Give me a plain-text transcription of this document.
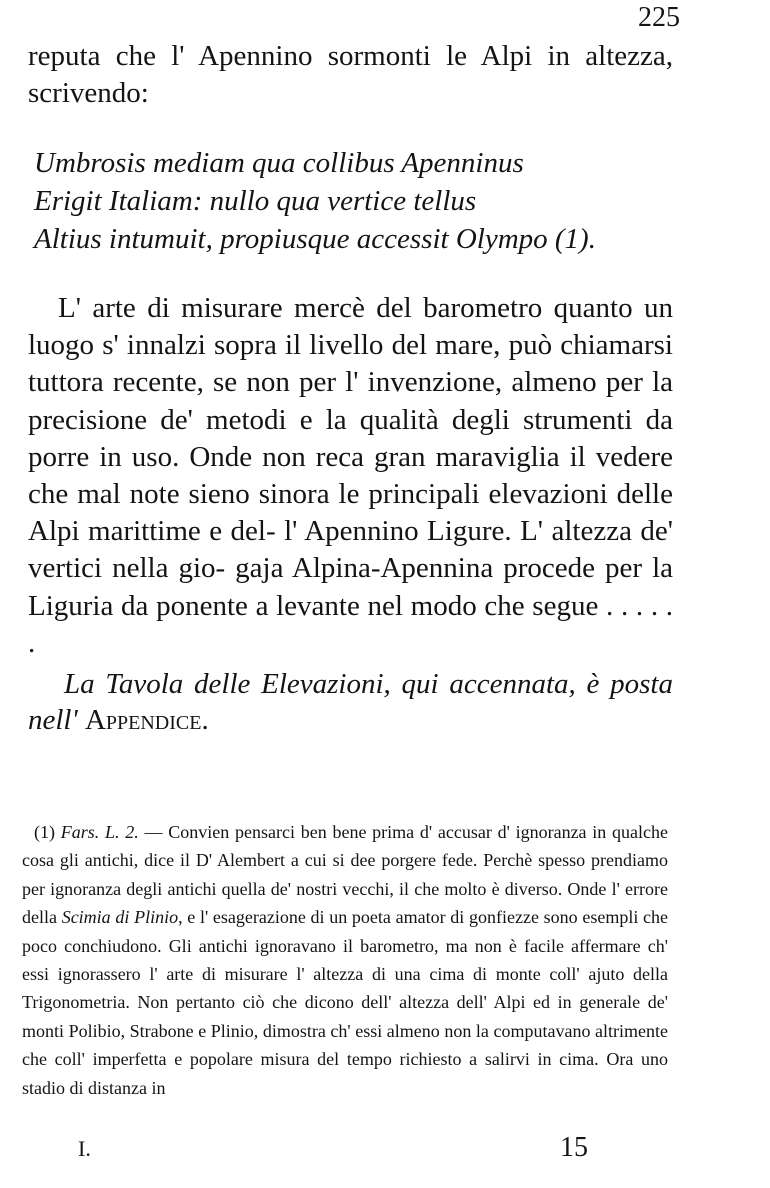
225
reputa che l' Apennino sormonti le Alpi in altezza, scrivendo:
Umbrosis mediam qua collibus Apenninus
Erigit Italiam: nullo qua vertice tellus
Altius intumuit, propiusque accessit Olympo (1).
L' arte di misurare mercè del barometro quanto un luogo s' innalzi sopra il livello del mare, può chiamarsi tuttora recente, se non per l' invenzione, almeno per la precisione de' metodi e la qualità degli strumenti da porre in uso. Onde non reca gran maraviglia il vedere che mal note sieno sinora le principali elevazioni delle Alpi marittime e del- l' Apennino Ligure. L' altezza de' vertici nella gio- gaja Alpina-Apennina procede per la Liguria da ponente a levante nel modo che segue . . . . . .
La Tavola delle Elevazioni, qui accennata, è posta nell' Appendice.
(1) Fars. L. 2. — Convien pensarci ben bene prima d' accusar d' ignoranza in qualche cosa gli antichi, dice il D' Alembert a cui si dee porgere fede. Perchè spesso prendiamo per ignoranza degli antichi quella de' nostri vecchi, il che molto è diverso. Onde l' errore della Scimia di Plinio, e l' esagerazione di un poeta amator di gonfiezze sono esempli che poco conchiudono. Gli antichi ignoravano il barometro, ma non è facile affermare ch' essi ignorassero l' arte di misurare l' altezza di una cima di monte coll' ajuto della Trigonometria. Non pertanto ciò che dicono dell' altezza dell' Alpi ed in generale de' monti Polibio, Strabone e Plinio, dimostra ch' essi almeno non la computavano altrimente che coll' imperfetta e popolare misura del tempo richiesto a salirvi in cima. Ora uno stadio di distanza in
I.	15
